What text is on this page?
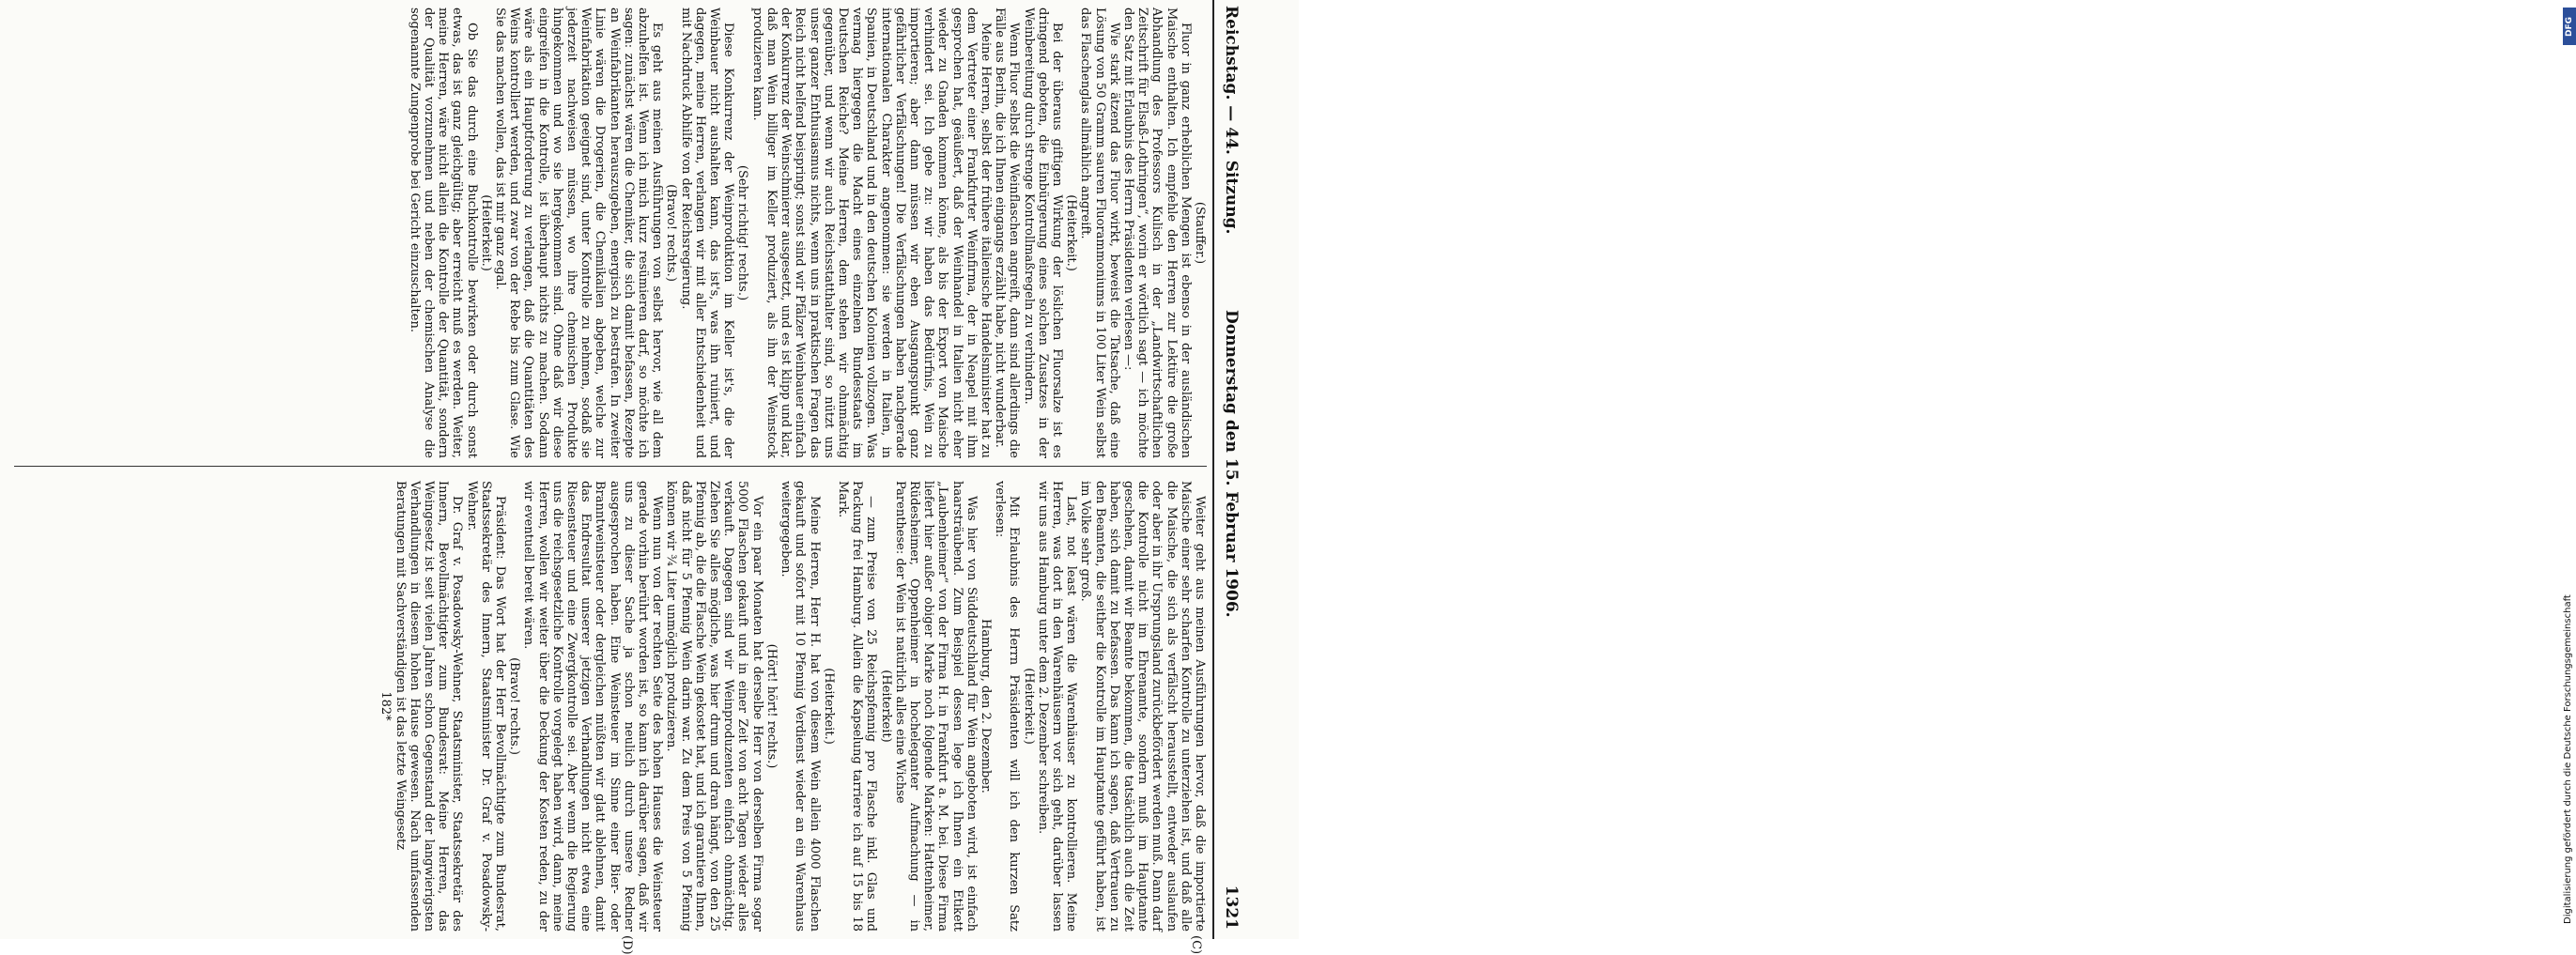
Reichstag. — 44. Sitzung.
Donnerstag den 15. Februar 1906.
1321
(C)
(D)

(Stauffer.)

Fluor in ganz erheblichen Mengen ist ebenso in der ausländischen Maische enthalten. Ich empfehle den Herren zur Lektüre die große Abhandlung des Professors Kulisch in der „Landwirtschaftlichen Zeitschrift für Elsaß-Lothringen“, worin er wörtlich sagt — ich möchte den Satz mit Erlaubnis des Herrn Präsidenten verlesen —:

Wie stark ätzend das Fluor wirkt, beweist die Tatsache, daß eine Lösung von 50 Gramm sauren Fluorammoniums in 100 Liter Wein selbst das Flaschenglas allmählich angreift.

(Heiterkeit.)

Bei der überaus giftigen Wirkung der löslichen Fluorsalze ist es dringend geboten, die Einbürgerung eines solchen Zusatzes in der Weinbereitung durch strenge Kontrollmaßregeln zu verhindern.

Wenn Fluor selbst die Weinflaschen angreift, dann sind allerdings die Fälle aus Berlin, die ich Ihnen eingangs erzählt habe, nicht wunderbar.

Meine Herren, selbst der frühere italienische Handelsminister hat zu dem Vertreter einer Frankfurter Weinfirma, der in Neapel mit ihm gesprochen hat, geäußert, daß der Weinhandel in Italien nicht eher wieder zu Gnaden kommen könne, als bis der Export von Maische verhindert sei. Ich gebe zu: wir haben das Bedürfnis, Wein zu importieren; aber dann müssen wir eben Ausgangspunkt ganz gefährlicher Verfälschungen! Die Verfälschungen haben nachgerade internationalen Charakter angenommen: sie werden in Italien, in Spanien, in Deutschland und in den deutschen Kolonien vollzogen. Was vermag hiergegen die Macht eines einzelnen Bundesstaats im Deutschen Reiche? Meine Herren, dem stehen wir ohnmächtig gegenüber, und wenn wir auch Reichsstatthalter sind, so nützt uns unser ganzer Enthusiasmus nichts, wenn uns in praktischen Fragen das Reich nicht helfend beispringt; sonst sind wir Pfälzer Weinbauer einfach der Konkurrenz der Weinschmierer ausgesetzt, und es ist klipp und klar, daß man Wein billiger im Keller produziert, als ihn der Weinstock produzieren kann.

(Sehr richtig! rechts.)

Diese Konkurrenz der Weinproduktion im Keller ist's, die der Weinbauer nicht aushalten kann, das ist's, was ihn ruiniert, und dagegen, meine Herren, verlangen wir mit aller Entschiedenheit und mit Nachdruck Abhilfe von der Reichsregierung.

(Bravo! rechts.)

Es geht aus meinen Ausführungen von selbst hervor, wie all dem abzuhelfen ist. Wenn ich mich kurz resümieren darf, so möchte ich sagen: zunächst wären die Chemiker, die sich damit befassen, Rezepte an Weinfabrikanten herauszugeben, energisch zu bestrafen. In zweiter Linie wären die Drogerien, die Chemikalien abgeben, welche zur Weinfabrikation geeignet sind, unter Kontrolle zu nehmen, sodaß sie jederzeit nachweisen müssen, wo ihre chemischen Produkte hingekommen und wo sie hergekommen sind. Ohne daß wir diese eingreifen in die Kontrolle, ist überhaupt nichts zu machen. Sodann wäre als ein Hauptforderung zu verlangen, daß die Quantitäten des Weins kontrolliert werden, und zwar von der Rebe bis zum Glase. Wie Sie das machen wollen, das ist mir ganz egal.

(Heiterkeit.)

Ob Sie das durch eine Buchkontrolle bewirken oder durch sonst etwas, das ist ganz gleichgültig; aber erreicht muß es werden. Weiter, meine Herren, wäre nicht allein die Kontrolle der Quantität, sondern der Qualität vorzunehmen und neben der chemischen Analyse die sogenannte Zungenprobe bei Gericht einzuschalten.

Weiter geht aus meinen Ausführungen hervor, daß die importierte Maische einer sehr scharfen Kontrolle zu unterziehen ist, und daß alle die Maische, die sich als verfälscht herausstellt, entweder auslaufen oder aber in ihr Ursprungsland zurückbefördert werden muß. Dann darf die Kontrolle nicht im Ehrenamte, sondern muß im Hauptamte geschehen, damit wir Beamte bekommen, die tatsächlich auch die Zeit haben, sich damit zu befassen. Das kann ich sagen, daß Vertrauen zu den Beamten, die seither die Kontrolle im Hauptamte geführt haben, ist im Volke sehr groß.

Last, not least wären die Warenhäuser zu kontrollieren. Meine Herren, was dort in den Warenhäusern vor sich geht, darüber lassen wir uns aus Hamburg unter dem 2. Dezember schreiben.

(Heiterkeit.)

Mit Erlaubnis des Herrn Präsidenten will ich den kurzen Satz verlesen:

Hamburg, den 2. Dezember.

Was hier von Süddeutschland für Wein angeboten wird, ist einfach haarsträubend. Zum Beispiel dessen lege ich Ihnen ein Etikett „Laubenheimer“ von der Firma H. in Frankfurt a. M. bei. Diese Firma liefert hier außer obiger Marke noch folgende Marken: Hattenheimer, Rüdesheimer, Oppenheimer in hocheleganter Aufmachung — in Parenthese: der Wein ist natürlich alles eine Wichse

(Heiterkeit)

— zum Preise von 25 Reichspfennig pro Flasche inkl. Glas und Packung frei Hamburg. Allein die Kapselung tarriere ich auf 15 bis 18 Mark.

(Heiterkeit.)

Meine Herren, Herr H. hat von diesem Wein allein 4000 Flaschen gekauft und sofort mit 10 Pfennig Verdienst wieder an ein Warenhaus weitergegeben.

(Hört! hört! rechts.)

Vor ein paar Monaten hat derselbe Herr von derselben Firma sogar 5000 Flaschen gekauft und in einer Zeit von acht Tagen wieder alles verkauft. Dagegen sind wir Weinproduzenten einfach ohnmächtig. Ziehen Sie alles mögliche, was hier drum und dran hängt, von den 25 Pfennig ab, die die Flasche Wein gekostet hat, und ich garantiere Ihnen, daß nicht für 5 Pfennig Wein darin war. Zu dem Preis von 5 Pfennig können wir ¾ Liter unmöglich produzieren.

Wenn nun von der rechten Seite des hohen Hauses die Weinsteuer gerade vorhin berührt worden ist, so kann ich darüber sagen, daß wir uns zu dieser Sache ja schon neulich durch unsere Redner ausgesprochen haben. Eine Weinsteuer im Sinne einer Bier- oder Branntweinsteuer oder dergleichen müßten wir glatt ablehnen, damit das Endresultat unserer jetzigen Verhandlungen nicht etwa eine Riesensteuer und eine Zwergkontrolle sei. Aber wenn die Regierung uns die reichsgesetzliche Kontrolle vorgelegt haben wird, dann, meine Herren, wollen wir weiter über die Deckung der Kosten reden, zu der wir eventuell bereit wären.

(Bravo! rechts.)

Präsident: Das Wort hat der Herr Bevollmächtigte zum Bundesrat, Staatssekretär des Innern, Staatsminister Dr. Graf v. Posadowsky-Wehner.

Dr. Graf v. Posadowsky-Wehner, Staatsminister, Staatssekretär des Innern, Bevollmächtigter zum Bundesrat: Meine Herren, das Weingesetz ist seit vielen Jahren schon Gegenstand der langwierigsten Verhandlungen in diesem hohen Hause gewesen. Nach umfassenden Beratungen mit Sachverständigen ist das letzte Weingesetz

182*

DFG
Digitalisierung gefördert durch die Deutsche Forschungsgemeinschaft
